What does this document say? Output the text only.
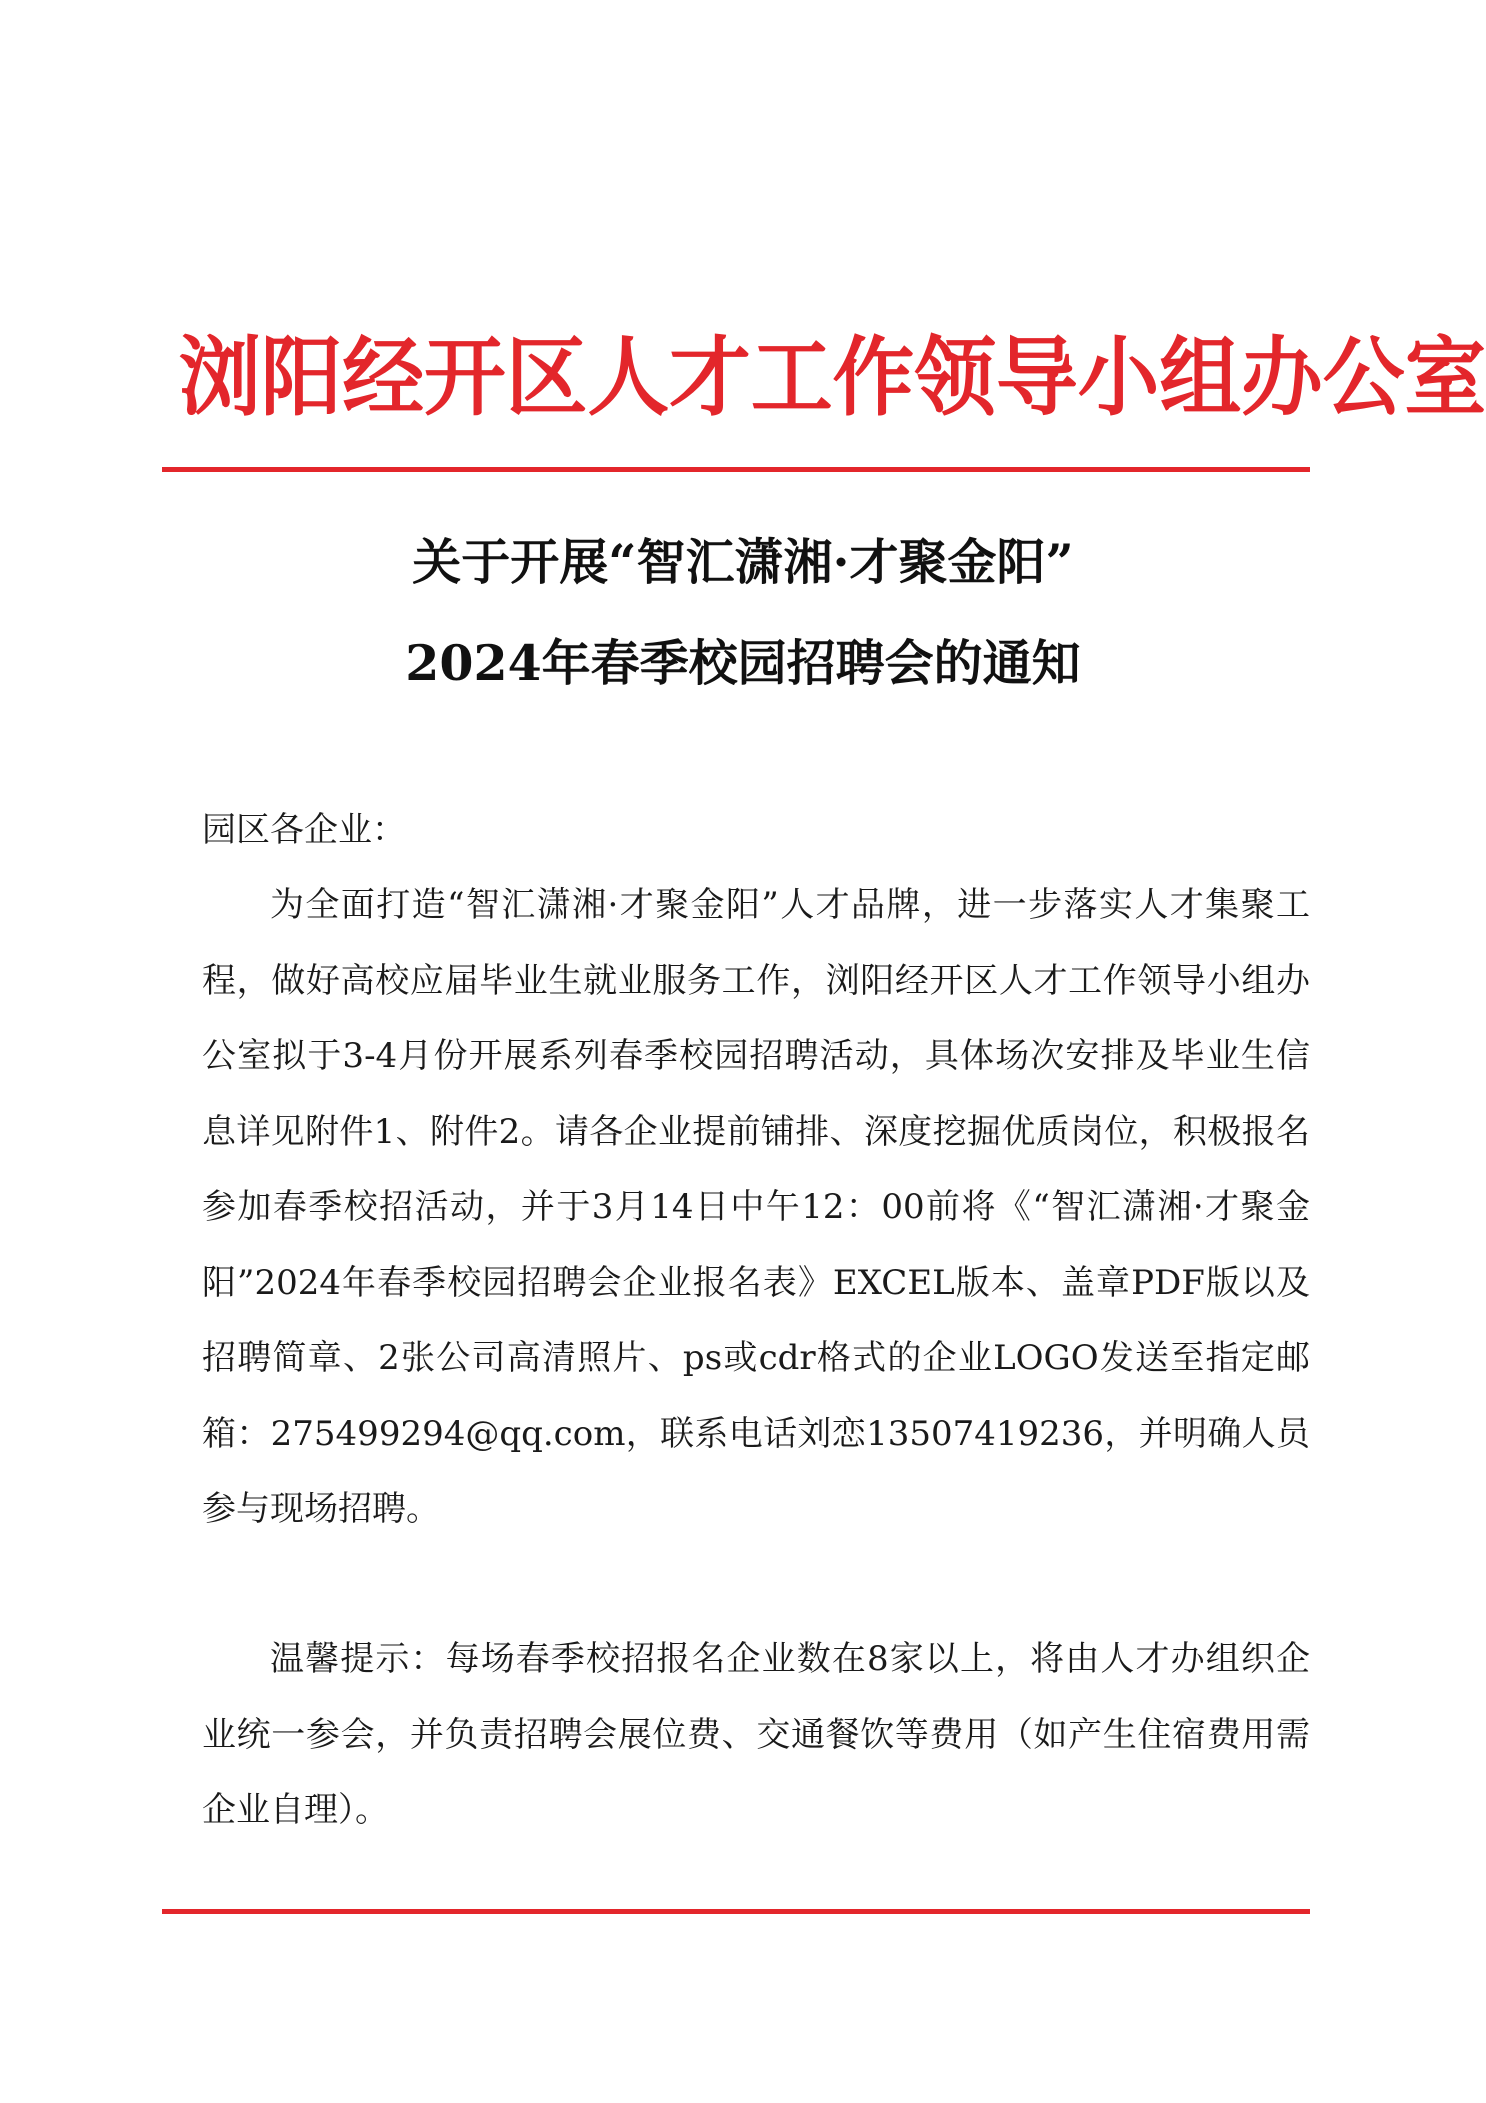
浏阳经开区人才工作领导小组办公室
关于开展“智汇潇湘·才聚金阳”
2024年春季校园招聘会的通知
园区各企业：

为全面打造“智汇潇湘·才聚金阳”人才品牌，进一步落实人才集聚工程，做好高校应届毕业生就业服务工作，浏阳经开区人才工作领导小组办公室拟于3-4月份开展系列春季校园招聘活动，具体场次安排及毕业生信息详见附件1、附件2。请各企业提前铺排、深度挖掘优质岗位，积极报名参加春季校招活动，并于3月14日中午12：00前将《“智汇潇湘·才聚金阳”2024年春季校园招聘会企业报名表》EXCEL版本、盖章PDF版以及招聘简章、2张公司高清照片、ps或cdr格式的企业LOGO发送至指定邮箱：275499294@qq.com，联系电话刘恋13507419236，并明确人员参与现场招聘。

温馨提示：每场春季校招报名企业数在8家以上，将由人才办组织企业统一参会，并负责招聘会展位费、交通餐饮等费用（如产生住宿费用需企业自理）。
